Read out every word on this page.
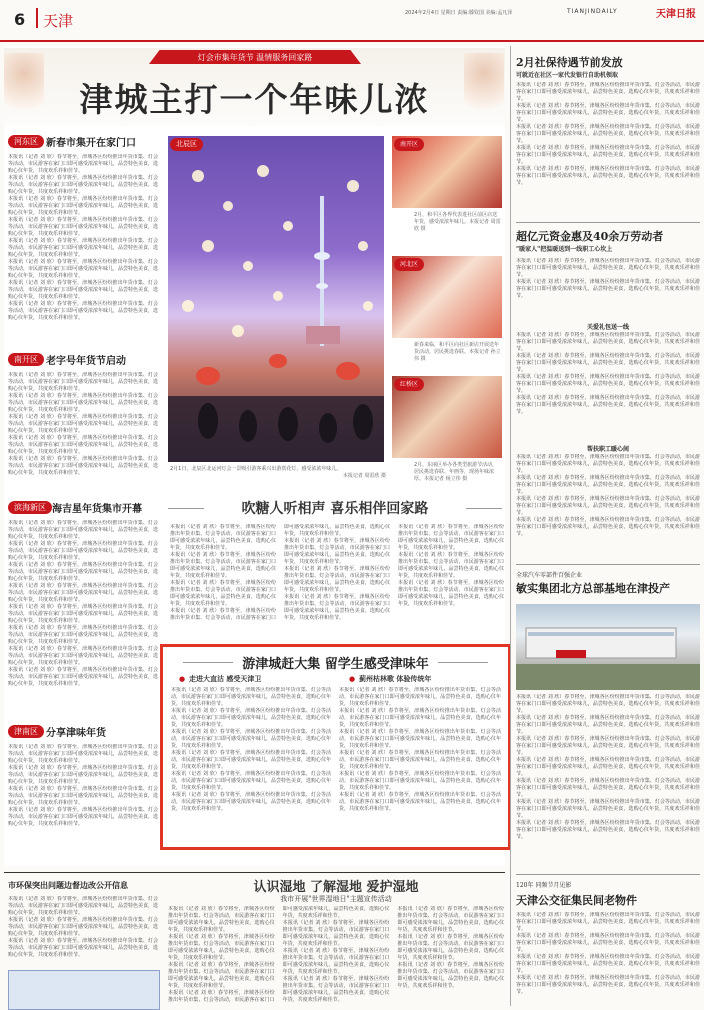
6 天津	2024年2月4日 星期日 责编:滕钦国 美编:孟凡泽	TIANJINDAILY	天津日报
灯会市集年货节 温情服务回家路
津城主打一个年味儿浓
河东区 新春市集开在家门口
本报讯（记者 刘 欣）春节将至，津城各区纷纷推出年货市集、灯会等活动，市民游客在家门口即可感受浓浓年味儿，品尝特色美食，选购心仪年货，共度欢乐祥和佳节。
本报讯（记者 刘 欣）春节将至，津城各区纷纷推出年货市集、灯会等活动，市民游客在家门口即可感受浓浓年味儿，品尝特色美食，选购心仪年货，共度欢乐祥和佳节。
本报讯（记者 刘 欣）春节将至，津城各区纷纷推出年货市集、灯会等活动，市民游客在家门口即可感受浓浓年味儿，品尝特色美食，选购心仪年货，共度欢乐祥和佳节。
本报讯（记者 刘 欣）春节将至，津城各区纷纷推出年货市集、灯会等活动，市民游客在家门口即可感受浓浓年味儿，品尝特色美食，选购心仪年货，共度欢乐祥和佳节。
本报讯（记者 刘 欣）春节将至，津城各区纷纷推出年货市集、灯会等活动，市民游客在家门口即可感受浓浓年味儿，品尝特色美食，选购心仪年货，共度欢乐祥和佳节。
本报讯（记者 刘 欣）春节将至，津城各区纷纷推出年货市集、灯会等活动，市民游客在家门口即可感受浓浓年味儿，品尝特色美食，选购心仪年货，共度欢乐祥和佳节。
本报讯（记者 刘 欣）春节将至，津城各区纷纷推出年货市集、灯会等活动，市民游客在家门口即可感受浓浓年味儿，品尝特色美食，选购心仪年货，共度欢乐祥和佳节。
本报讯（记者 刘 欣）春节将至，津城各区纷纷推出年货市集、灯会等活动，市民游客在家门口即可感受浓浓年味儿，品尝特色美食，选购心仪年货，共度欢乐祥和佳节。
南开区 老字号年货节启动
本报讯（记者 刘 欣）春节将至，津城各区纷纷推出年货市集、灯会等活动，市民游客在家门口即可感受浓浓年味儿，品尝特色美食，选购心仪年货，共度欢乐祥和佳节。
本报讯（记者 刘 欣）春节将至，津城各区纷纷推出年货市集、灯会等活动，市民游客在家门口即可感受浓浓年味儿，品尝特色美食，选购心仪年货，共度欢乐祥和佳节。
本报讯（记者 刘 欣）春节将至，津城各区纷纷推出年货市集、灯会等活动，市民游客在家门口即可感受浓浓年味儿，品尝特色美食，选购心仪年货，共度欢乐祥和佳节。
本报讯（记者 刘 欣）春节将至，津城各区纷纷推出年货市集、灯会等活动，市民游客在家门口即可感受浓浓年味儿，品尝特色美食，选购心仪年货，共度欢乐祥和佳节。
本报讯（记者 刘 欣）春节将至，津城各区纷纷推出年货市集、灯会等活动，市民游客在家门口即可感受浓浓年味儿，品尝特色美食，选购心仪年货，共度欢乐祥和佳节。
滨海新区 海吉星年货集市开幕
本报讯（记者 刘 欣）春节将至，津城各区纷纷推出年货市集、灯会等活动，市民游客在家门口即可感受浓浓年味儿，品尝特色美食，选购心仪年货，共度欢乐祥和佳节。
本报讯（记者 刘 欣）春节将至，津城各区纷纷推出年货市集、灯会等活动，市民游客在家门口即可感受浓浓年味儿，品尝特色美食，选购心仪年货，共度欢乐祥和佳节。
本报讯（记者 刘 欣）春节将至，津城各区纷纷推出年货市集、灯会等活动，市民游客在家门口即可感受浓浓年味儿，品尝特色美食，选购心仪年货，共度欢乐祥和佳节。
本报讯（记者 刘 欣）春节将至，津城各区纷纷推出年货市集、灯会等活动，市民游客在家门口即可感受浓浓年味儿，品尝特色美食，选购心仪年货，共度欢乐祥和佳节。
本报讯（记者 刘 欣）春节将至，津城各区纷纷推出年货市集、灯会等活动，市民游客在家门口即可感受浓浓年味儿，品尝特色美食，选购心仪年货，共度欢乐祥和佳节。
本报讯（记者 刘 欣）春节将至，津城各区纷纷推出年货市集、灯会等活动，市民游客在家门口即可感受浓浓年味儿，品尝特色美食，选购心仪年货，共度欢乐祥和佳节。
本报讯（记者 刘 欣）春节将至，津城各区纷纷推出年货市集、灯会等活动，市民游客在家门口即可感受浓浓年味儿，品尝特色美食，选购心仪年货，共度欢乐祥和佳节。
本报讯（记者 刘 欣）春节将至，津城各区纷纷推出年货市集、灯会等活动，市民游客在家门口即可感受浓浓年味儿，品尝特色美食，选购心仪年货，共度欢乐祥和佳节。
津南区 分享津味年货
本报讯（记者 刘 欣）春节将至，津城各区纷纷推出年货市集、灯会等活动，市民游客在家门口即可感受浓浓年味儿，品尝特色美食，选购心仪年货，共度欢乐祥和佳节。
本报讯（记者 刘 欣）春节将至，津城各区纷纷推出年货市集、灯会等活动，市民游客在家门口即可感受浓浓年味儿，品尝特色美食，选购心仪年货，共度欢乐祥和佳节。
本报讯（记者 刘 欣）春节将至，津城各区纷纷推出年货市集、灯会等活动，市民游客在家门口即可感受浓浓年味儿，品尝特色美食，选购心仪年货，共度欢乐祥和佳节。
本报讯（记者 刘 欣）春节将至，津城各区纷纷推出年货市集、灯会等活动，市民游客在家门口即可感受浓浓年味儿，品尝特色美食，选购心仪年货，共度欢乐祥和佳节。
北辰区
2月1日，北辰区北运河灯会一景吸引游客乘兴出游赏花灯，感受浓浓年味儿。
本报记者 周雷欣 摄
南开区
2月，和平区各界代表进社区前区店送年货，感受浓浓年味儿。本报记者 周雷欣 摄
河北区
新春来临，和平区向社区新店开展送年货活动，居民挑选春联。本报记者 孙立伟 摄
红桥区
2月，东丽区举办各类型旅游节活动，居民挑选春联、年画等，现场年味浓厚。本报记者 杨立伟 摄
吹糖人听相声 喜乐相伴回家路
本报讯（记者 刘 欣）春节将至，津城各区纷纷推出年货市集、灯会等活动，市民游客在家门口即可感受浓浓年味儿，品尝特色美食，选购心仪年货，共度欢乐祥和佳节。
本报讯（记者 刘 欣）春节将至，津城各区纷纷推出年货市集、灯会等活动，市民游客在家门口即可感受浓浓年味儿，品尝特色美食，选购心仪年货，共度欢乐祥和佳节。
本报讯（记者 刘 欣）春节将至，津城各区纷纷推出年货市集、灯会等活动，市民游客在家门口即可感受浓浓年味儿，品尝特色美食，选购心仪年货，共度欢乐祥和佳节。
本报讯（记者 刘 欣）春节将至，津城各区纷纷推出年货市集、灯会等活动，市民游客在家门口即可感受浓浓年味儿，品尝特色美食，选购心仪年货，共度欢乐祥和佳节。
本报讯（记者 刘 欣）春节将至，津城各区纷纷推出年货市集、灯会等活动，市民游客在家门口即可感受浓浓年味儿，品尝特色美食，选购心仪年货，共度欢乐祥和佳节。
本报讯（记者 刘 欣）春节将至，津城各区纷纷推出年货市集、灯会等活动，市民游客在家门口即可感受浓浓年味儿，品尝特色美食，选购心仪年货，共度欢乐祥和佳节。
本报讯（记者 刘 欣）春节将至，津城各区纷纷推出年货市集、灯会等活动，市民游客在家门口即可感受浓浓年味儿，品尝特色美食，选购心仪年货，共度欢乐祥和佳节。
本报讯（记者 刘 欣）春节将至，津城各区纷纷推出年货市集、灯会等活动，市民游客在家门口即可感受浓浓年味儿，品尝特色美食，选购心仪年货，共度欢乐祥和佳节。
本报讯（记者 刘 欣）春节将至，津城各区纷纷推出年货市集、灯会等活动，市民游客在家门口即可感受浓浓年味儿，品尝特色美食，选购心仪年货，共度欢乐祥和佳节。
本报讯（记者 刘 欣）春节将至，津城各区纷纷推出年货市集、灯会等活动，市民游客在家门口即可感受浓浓年味儿，品尝特色美食，选购心仪年货，共度欢乐祥和佳节。
游津城赶大集 留学生感受津味年
● 走进大直沽 感受天津卫	● 蓟州枯林歌 体验传统年
本报讯（记者 刘 欣）春节将至，津城各区纷纷推出年货市集、灯会等活动，市民游客在家门口即可感受浓浓年味儿，品尝特色美食，选购心仪年货，共度欢乐祥和佳节。
本报讯（记者 刘 欣）春节将至，津城各区纷纷推出年货市集、灯会等活动，市民游客在家门口即可感受浓浓年味儿，品尝特色美食，选购心仪年货，共度欢乐祥和佳节。
本报讯（记者 刘 欣）春节将至，津城各区纷纷推出年货市集、灯会等活动，市民游客在家门口即可感受浓浓年味儿，品尝特色美食，选购心仪年货，共度欢乐祥和佳节。
本报讯（记者 刘 欣）春节将至，津城各区纷纷推出年货市集、灯会等活动，市民游客在家门口即可感受浓浓年味儿，品尝特色美食，选购心仪年货，共度欢乐祥和佳节。
本报讯（记者 刘 欣）春节将至，津城各区纷纷推出年货市集、灯会等活动，市民游客在家门口即可感受浓浓年味儿，品尝特色美食，选购心仪年货，共度欢乐祥和佳节。
本报讯（记者 刘 欣）春节将至，津城各区纷纷推出年货市集、灯会等活动，市民游客在家门口即可感受浓浓年味儿，品尝特色美食，选购心仪年货，共度欢乐祥和佳节。
本报讯（记者 刘 欣）春节将至，津城各区纷纷推出年货市集、灯会等活动，市民游客在家门口即可感受浓浓年味儿，品尝特色美食，选购心仪年货，共度欢乐祥和佳节。
本报讯（记者 刘 欣）春节将至，津城各区纷纷推出年货市集、灯会等活动，市民游客在家门口即可感受浓浓年味儿，品尝特色美食，选购心仪年货，共度欢乐祥和佳节。
本报讯（记者 刘 欣）春节将至，津城各区纷纷推出年货市集、灯会等活动，市民游客在家门口即可感受浓浓年味儿，品尝特色美食，选购心仪年货，共度欢乐祥和佳节。
本报讯（记者 刘 欣）春节将至，津城各区纷纷推出年货市集、灯会等活动，市民游客在家门口即可感受浓浓年味儿，品尝特色美食，选购心仪年货，共度欢乐祥和佳节。
本报讯（记者 刘 欣）春节将至，津城各区纷纷推出年货市集、灯会等活动，市民游客在家门口即可感受浓浓年味儿，品尝特色美食，选购心仪年货，共度欢乐祥和佳节。
本报讯（记者 刘 欣）春节将至，津城各区纷纷推出年货市集、灯会等活动，市民游客在家门口即可感受浓浓年味儿，品尝特色美食，选购心仪年货，共度欢乐祥和佳节。
市环保突出问题边督边改公开信息
本报讯（记者 刘 欣）春节将至，津城各区纷纷推出年货市集、灯会等活动，市民游客在家门口即可感受浓浓年味儿，品尝特色美食，选购心仪年货，共度欢乐祥和佳节。
本报讯（记者 刘 欣）春节将至，津城各区纷纷推出年货市集、灯会等活动，市民游客在家门口即可感受浓浓年味儿，品尝特色美食，选购心仪年货，共度欢乐祥和佳节。
本报讯（记者 刘 欣）春节将至，津城各区纷纷推出年货市集、灯会等活动，市民游客在家门口即可感受浓浓年味儿，品尝特色美食，选购心仪年货，共度欢乐祥和佳节。
认识湿地 了解湿地 爱护湿地
我市开展"世界湿地日"主题宣传活动
本报讯（记者 刘 欣）春节将至，津城各区纷纷推出年货市集、灯会等活动，市民游客在家门口即可感受浓浓年味儿，品尝特色美食，选购心仪年货，共度欢乐祥和佳节。
本报讯（记者 刘 欣）春节将至，津城各区纷纷推出年货市集、灯会等活动，市民游客在家门口即可感受浓浓年味儿，品尝特色美食，选购心仪年货，共度欢乐祥和佳节。
本报讯（记者 刘 欣）春节将至，津城各区纷纷推出年货市集、灯会等活动，市民游客在家门口即可感受浓浓年味儿，品尝特色美食，选购心仪年货，共度欢乐祥和佳节。
本报讯（记者 刘 欣）春节将至，津城各区纷纷推出年货市集、灯会等活动，市民游客在家门口即可感受浓浓年味儿，品尝特色美食，选购心仪年货，共度欢乐祥和佳节。
本报讯（记者 刘 欣）春节将至，津城各区纷纷推出年货市集、灯会等活动，市民游客在家门口即可感受浓浓年味儿，品尝特色美食，选购心仪年货，共度欢乐祥和佳节。
本报讯（记者 刘 欣）春节将至，津城各区纷纷推出年货市集、灯会等活动，市民游客在家门口即可感受浓浓年味儿，品尝特色美食，选购心仪年货，共度欢乐祥和佳节。
本报讯（记者 刘 欣）春节将至，津城各区纷纷推出年货市集、灯会等活动，市民游客在家门口即可感受浓浓年味儿，品尝特色美食，选购心仪年货，共度欢乐祥和佳节。
本报讯（记者 刘 欣）春节将至，津城各区纷纷推出年货市集、灯会等活动，市民游客在家门口即可感受浓浓年味儿，品尝特色美食，选购心仪年货，共度欢乐祥和佳节。
本报讯（记者 刘 欣）春节将至，津城各区纷纷推出年货市集、灯会等活动，市民游客在家门口即可感受浓浓年味儿，品尝特色美食，选购心仪年货，共度欢乐祥和佳节。
本报讯（记者 刘 欣）春节将至，津城各区纷纷推出年货市集、灯会等活动，市民游客在家门口即可感受浓浓年味儿，品尝特色美食，选购心仪年货，共度欢乐祥和佳节。
2月社保待遇节前发放
可就近在社区一家代发银行自助机领取
本报讯（记者 刘 欣）春节将至，津城各区纷纷推出年货市集、灯会等活动，市民游客在家门口即可感受浓浓年味儿，品尝特色美食，选购心仪年货，共度欢乐祥和佳节。
本报讯（记者 刘 欣）春节将至，津城各区纷纷推出年货市集、灯会等活动，市民游客在家门口即可感受浓浓年味儿，品尝特色美食，选购心仪年货，共度欢乐祥和佳节。
本报讯（记者 刘 欣）春节将至，津城各区纷纷推出年货市集、灯会等活动，市民游客在家门口即可感受浓浓年味儿，品尝特色美食，选购心仪年货，共度欢乐祥和佳节。
本报讯（记者 刘 欣）春节将至，津城各区纷纷推出年货市集、灯会等活动，市民游客在家门口即可感受浓浓年味儿，品尝特色美食，选购心仪年货，共度欢乐祥和佳节。
本报讯（记者 刘 欣）春节将至，津城各区纷纷推出年货市集、灯会等活动，市民游客在家门口即可感受浓浓年味儿，品尝特色美食，选购心仪年货，共度欢乐祥和佳节。
超亿元资金惠及40余万劳动者
"暖家人"把温暖送到一线职工心坎上
本报讯（记者 刘 欣）春节将至，津城各区纷纷推出年货市集、灯会等活动，市民游客在家门口即可感受浓浓年味儿，品尝特色美食，选购心仪年货，共度欢乐祥和佳节。
本报讯（记者 刘 欣）春节将至，津城各区纷纷推出年货市集、灯会等活动，市民游客在家门口即可感受浓浓年味儿，品尝特色美食，选购心仪年货，共度欢乐祥和佳节。
关爱礼包送一线
本报讯（记者 刘 欣）春节将至，津城各区纷纷推出年货市集、灯会等活动，市民游客在家门口即可感受浓浓年味儿，品尝特色美食，选购心仪年货，共度欢乐祥和佳节。
本报讯（记者 刘 欣）春节将至，津城各区纷纷推出年货市集、灯会等活动，市民游客在家门口即可感受浓浓年味儿，品尝特色美食，选购心仪年货，共度欢乐祥和佳节。
本报讯（记者 刘 欣）春节将至，津城各区纷纷推出年货市集、灯会等活动，市民游客在家门口即可感受浓浓年味儿，品尝特色美食，选购心仪年货，共度欢乐祥和佳节。
本报讯（记者 刘 欣）春节将至，津城各区纷纷推出年货市集、灯会等活动，市民游客在家门口即可感受浓浓年味儿，品尝特色美食，选购心仪年货，共度欢乐祥和佳节。
帮扶职工暖心间
本报讯（记者 刘 欣）春节将至，津城各区纷纷推出年货市集、灯会等活动，市民游客在家门口即可感受浓浓年味儿，品尝特色美食，选购心仪年货，共度欢乐祥和佳节。
本报讯（记者 刘 欣）春节将至，津城各区纷纷推出年货市集、灯会等活动，市民游客在家门口即可感受浓浓年味儿，品尝特色美食，选购心仪年货，共度欢乐祥和佳节。
本报讯（记者 刘 欣）春节将至，津城各区纷纷推出年货市集、灯会等活动，市民游客在家门口即可感受浓浓年味儿，品尝特色美食，选购心仪年货，共度欢乐祥和佳节。
本报讯（记者 刘 欣）春节将至，津城各区纷纷推出年货市集、灯会等活动，市民游客在家门口即可感受浓浓年味儿，品尝特色美食，选购心仪年货，共度欢乐祥和佳节。
全球汽车零部件百强企业
敏实集团北方总部基地在津投产
本报讯（记者 刘 欣）春节将至，津城各区纷纷推出年货市集、灯会等活动，市民游客在家门口即可感受浓浓年味儿，品尝特色美食，选购心仪年货，共度欢乐祥和佳节。
本报讯（记者 刘 欣）春节将至，津城各区纷纷推出年货市集、灯会等活动，市民游客在家门口即可感受浓浓年味儿，品尝特色美食，选购心仪年货，共度欢乐祥和佳节。
本报讯（记者 刘 欣）春节将至，津城各区纷纷推出年货市集、灯会等活动，市民游客在家门口即可感受浓浓年味儿，品尝特色美食，选购心仪年货，共度欢乐祥和佳节。
本报讯（记者 刘 欣）春节将至，津城各区纷纷推出年货市集、灯会等活动，市民游客在家门口即可感受浓浓年味儿，品尝特色美食，选购心仪年货，共度欢乐祥和佳节。
本报讯（记者 刘 欣）春节将至，津城各区纷纷推出年货市集、灯会等活动，市民游客在家门口即可感受浓浓年味儿，品尝特色美食，选购心仪年货，共度欢乐祥和佳节。
本报讯（记者 刘 欣）春节将至，津城各区纷纷推出年货市集、灯会等活动，市民游客在家门口即可感受浓浓年味儿，品尝特色美食，选购心仪年货，共度欢乐祥和佳节。
本报讯（记者 刘 欣）春节将至，津城各区纷纷推出年货市集、灯会等活动，市民游客在家门口即可感受浓浓年味儿，品尝特色美食，选购心仪年货，共度欢乐祥和佳节。
120年 同频节月见影
天津公交征集民间老物件
本报讯（记者 刘 欣）春节将至，津城各区纷纷推出年货市集、灯会等活动，市民游客在家门口即可感受浓浓年味儿，品尝特色美食，选购心仪年货，共度欢乐祥和佳节。
本报讯（记者 刘 欣）春节将至，津城各区纷纷推出年货市集、灯会等活动，市民游客在家门口即可感受浓浓年味儿，品尝特色美食，选购心仪年货，共度欢乐祥和佳节。
本报讯（记者 刘 欣）春节将至，津城各区纷纷推出年货市集、灯会等活动，市民游客在家门口即可感受浓浓年味儿，品尝特色美食，选购心仪年货，共度欢乐祥和佳节。
本报讯（记者 刘 欣）春节将至，津城各区纷纷推出年货市集、灯会等活动，市民游客在家门口即可感受浓浓年味儿，品尝特色美食，选购心仪年货，共度欢乐祥和佳节。
